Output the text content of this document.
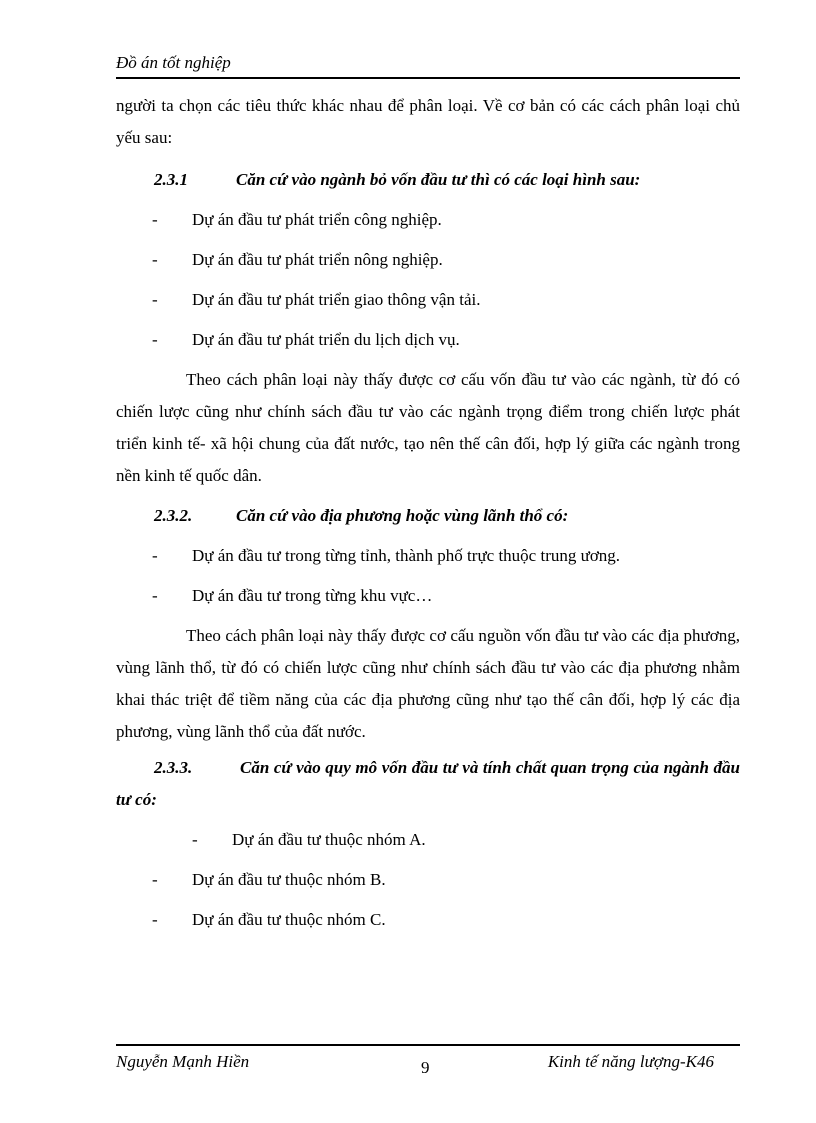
Đồ án tốt nghiệp

người ta chọn các tiêu thức khác nhau để phân loại. Về cơ bản có các cách phân loại chủ yếu sau:

2.3.1	Căn cứ vào ngành bỏ vốn đầu tư thì có các loại hình sau:

- Dự án đầu tư phát triển công nghiệp.

- Dự án đầu tư phát triển nông nghiệp.

- Dự án đầu tư phát triển giao thông vận tải.

- Dự án đầu tư phát triển du lịch dịch vụ.

Theo cách phân loại này thấy được cơ cấu vốn đầu tư vào các ngành, từ đó có chiến lược cũng như chính sách đầu tư vào các ngành trọng điểm trong chiến lược phát triển kinh tế- xã hội chung của đất nước, tạo nên thế cân đối, hợp lý giữa các ngành trong nền kinh tế quốc dân.

2.3.2.	Căn cứ vào địa phương hoặc vùng lãnh thổ có:

- Dự án đầu tư trong từng tỉnh, thành phố trực thuộc trung ương.

- Dự án đầu tư trong từng khu vực…

Theo cách phân loại này thấy được cơ cấu nguồn vốn đầu tư vào các địa phương, vùng lãnh thổ, từ đó có chiến lược cũng như chính sách đầu tư vào các địa phương nhằm khai thác triệt để tiềm năng của các địa phương cũng như tạo thế cân đối, hợp lý các địa phương, vùng lãnh thổ của đất nước.

2.3.3.	Căn cứ vào quy mô vốn đầu tư và tính chất quan trọng của ngành đầu tư có:

- Dự án đầu tư thuộc nhóm A.

- Dự án đầu tư thuộc nhóm B.

- Dự án đầu tư thuộc nhóm C.

Nguyễn Mạnh Hiền	9	Kinh tế năng lượng-K46
